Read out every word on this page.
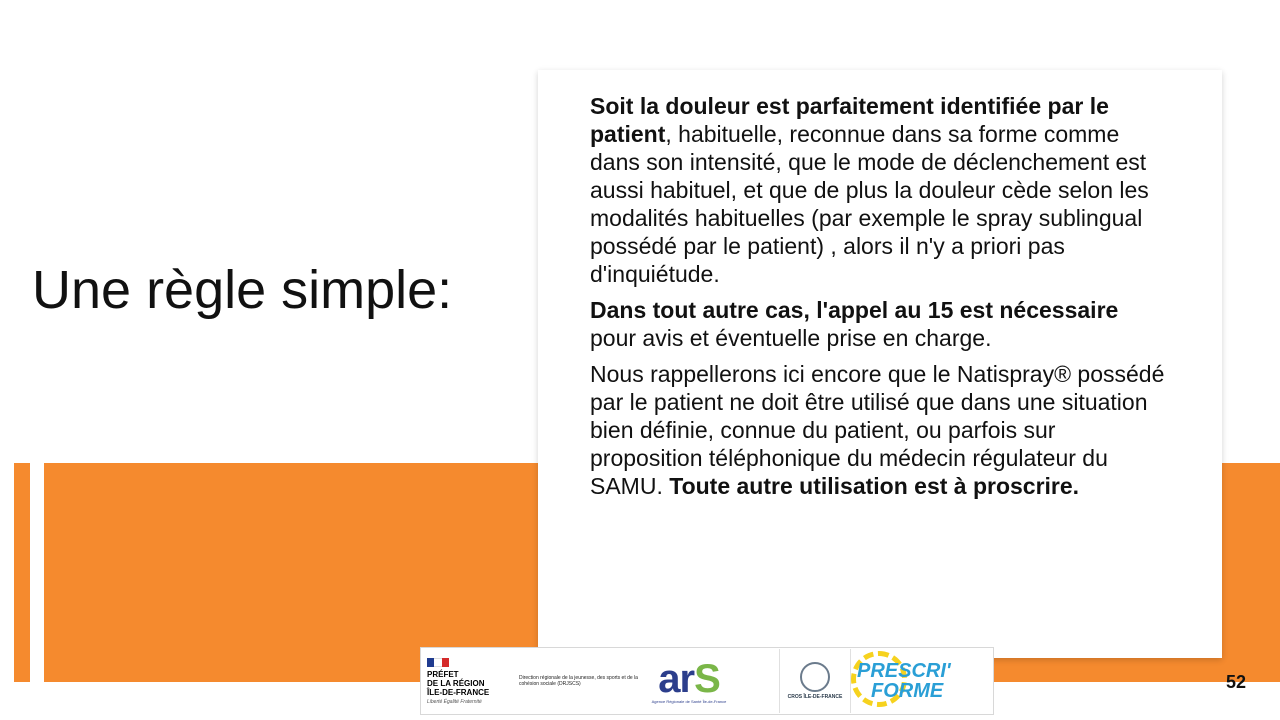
Une règle simple:

Soit la douleur est parfaitement identifiée par le patient, habituelle, reconnue dans sa forme comme dans son intensité, que le mode de déclenchement est aussi habituel, et que de plus la douleur cède selon les modalités habituelles (par exemple le spray sublingual possédé par le patient) , alors il n'y a priori pas d'inquiétude.

Dans tout autre cas, l'appel au 15 est nécessaire pour avis et éventuelle prise en charge.

Nous rappellerons ici encore que le Natispray® possédé par le patient ne doit être utilisé que dans une situation bien définie, connue du patient, ou parfois sur proposition téléphonique du médecin régulateur du SAMU. Toute autre utilisation est à proscrire.

PRÉFET
DE LA RÉGION
ÎLE-DE-FRANCE
Liberté Égalité Fraternité
Direction régionale de la jeunesse, des sports et de la cohésion sociale (DRJSCS)	arS
Agence Régionale de Santé Île-de-France
CROS ÎLE-DE-FRANCE
PRESCRI'
FORME	52
